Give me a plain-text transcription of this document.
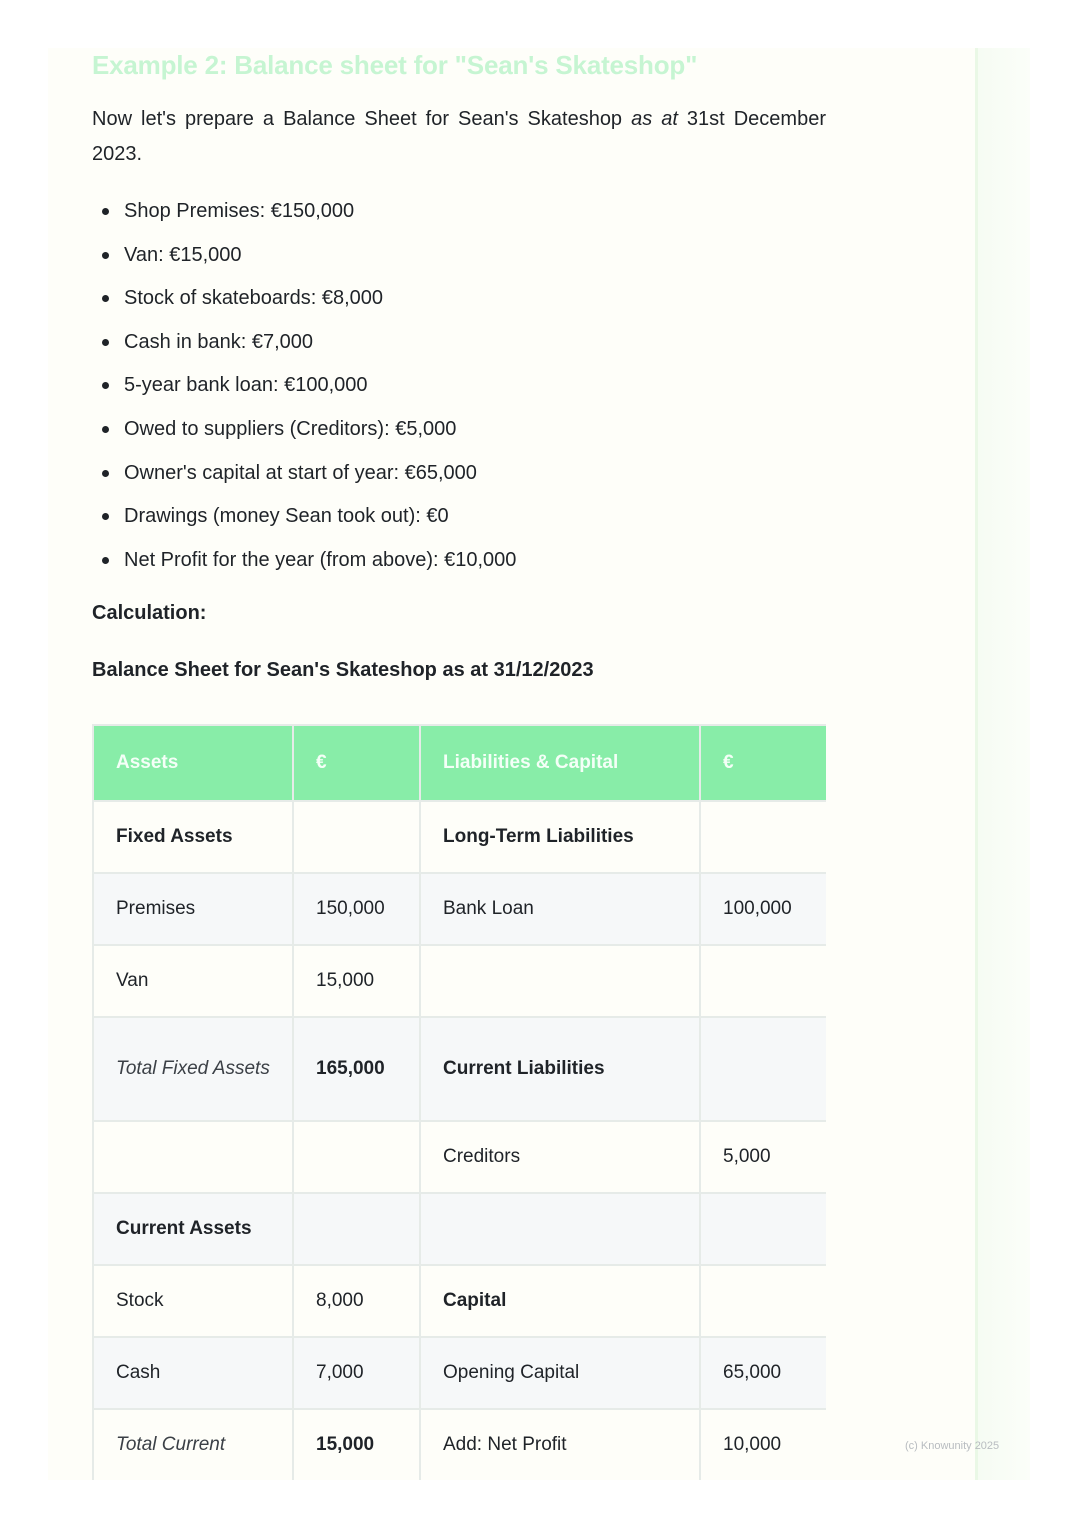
Example 2: Balance sheet for "Sean's Skateshop"

Now let's prepare a Balance Sheet for Sean's Skateshop as at 31st December 2023.

Shop Premises: €150,000
Van: €15,000
Stock of skateboards: €8,000
Cash in bank: €7,000
5-year bank loan: €100,000
Owed to suppliers (Creditors): €5,000
Owner's capital at start of year: €65,000
Drawings (money Sean took out): €0
Net Profit for the year (from above): €10,000

Calculation:

Balance Sheet for Sean's Skateshop as at 31/12/2023

Assets	€	Liabilities & Capital	€
Fixed Assets		Long-Term Liabilities	
Premises	150,000	Bank Loan	100,000
Van	15,000		
Total Fixed Assets	165,000	Current Liabilities	
		Creditors	5,000
Current Assets			
Stock	8,000	Capital	
Cash	7,000	Opening Capital	65,000
Total Current	15,000	Add: Net Profit	10,000	(c) Knowunity 2025
